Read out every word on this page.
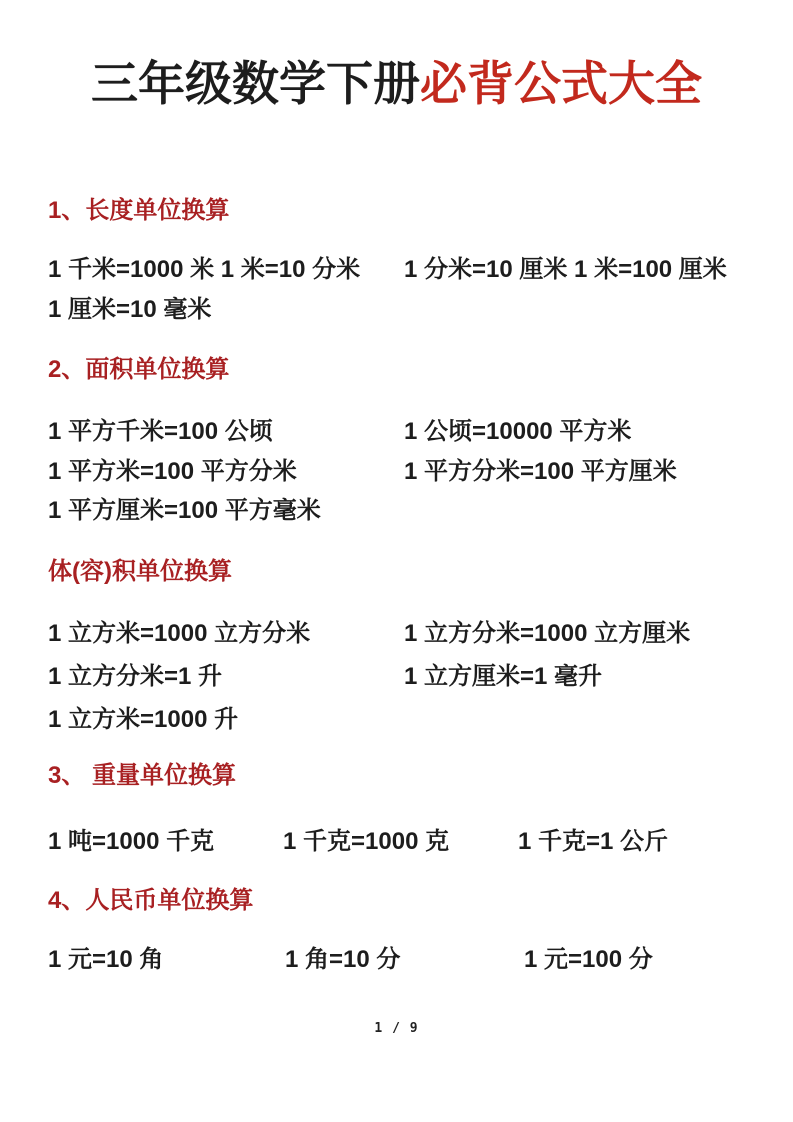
三年级数学下册必背公式大全
1、长度单位换算
1 千米=1000 米 1 米=10 分米 1 分米=10 厘米 1 米=100 厘米
1 厘米=10 毫米
2、面积单位换算
1 平方千米=100 公顷	1 公顷=10000 平方米
1 平方米=100 平方分米	1 平方分米=100 平方厘米
1 平方厘米=100 平方毫米
体(容)积单位换算
1 立方米=1000 立方分米	1 立方分米=1000 立方厘米
1 立方分米=1 升	1 立方厘米=1 毫升
1 立方米=1000 升
3、 重量单位换算
1 吨=1000 千克	1 千克=1000 克	1 千克=1 公斤
4、人民币单位换算
1 元=10 角	1 角=10 分	1 元=100 分
1 / 9
